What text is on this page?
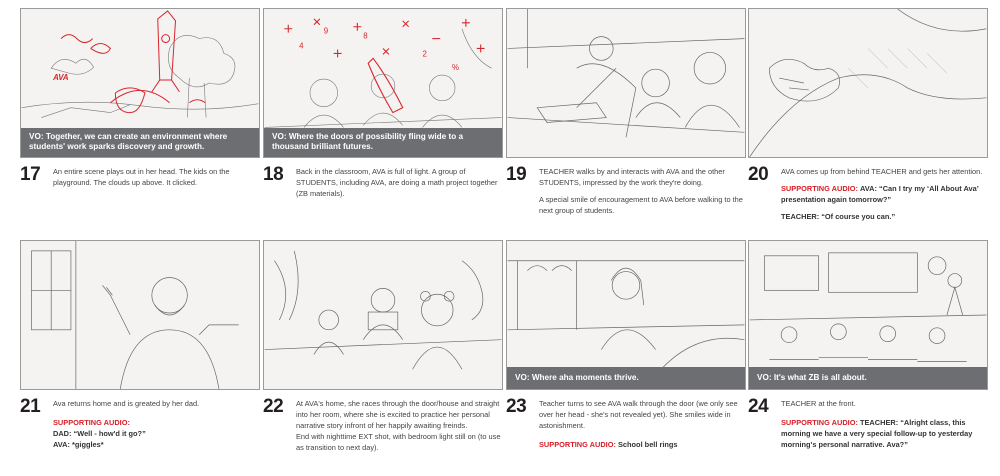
AVA
VO: Together, we can create an environment where students' work sparks discovery and growth.
17 An entire scene plays out in her head. The kids on the playground. The clouds up above. It clicked.

4
8
2
%
9
VO: Where the doors of possibility fling wide to a thousand brilliant futures.
18 Back in the classroom, AVA is full of light. A group of STUDENTS, including AVA, are doing a math project together (ZB materials).

19 TEACHER walks by and interacts with AVA and the other STUDENTS, impressed by the work they're doing.

A special smile of encouragement to AVA before walking to the next group of students.

20 AVA comes up from behind TEACHER and gets her attention.

SUPPORTING AUDIO: AVA: “Can I try my ‘All About Ava’ presentation again tomorrow?”

TEACHER: “Of course you can.”

21 Ava returns home and is greated by her dad.

SUPPORTING AUDIO:
DAD: “Well - how'd it go?”
AVA: *giggles*

22 At AVA's home, she races through the door/house and straight into her room, where she is excited to practice her personal narrative story infront of her happily awaiting freinds.

End with nighttime EXT shot, with bedroom light still on (to use as transition to next day).

VO: Where aha moments thrive.
23 Teacher turns to see AVA walk through the door (we only see over her head - she's not revealed yet). She smiles wide in astonishment.

SUPPORTING AUDIO: School bell rings

VO: It's what ZB is all about.
24 TEACHER at the front.

SUPPORTING AUDIO: TEACHER: “Alright class, this morning we have a very special follow-up to yesterday morning's personal narrative. Ava?”
